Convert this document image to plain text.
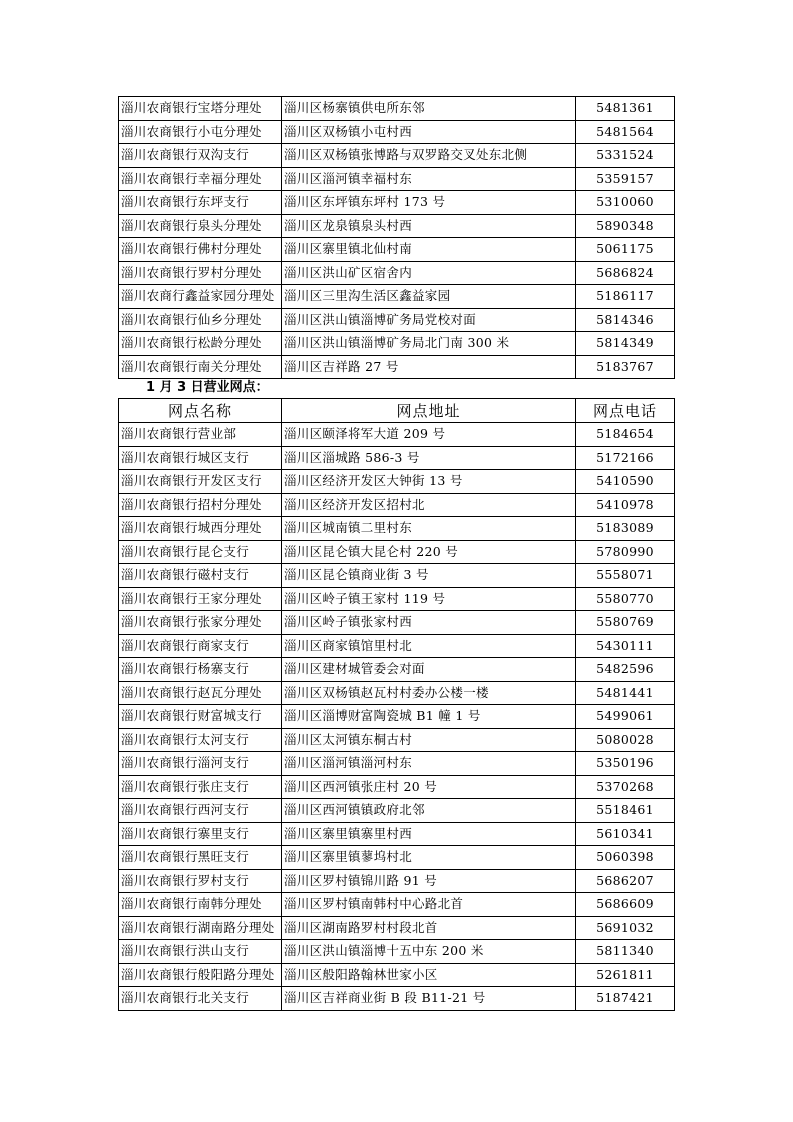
淄川农商银行宝塔分理处	淄川区杨寨镇供电所东邻	5481361
淄川农商银行小屯分理处	淄川区双杨镇小屯村西	5481564
淄川农商银行双沟支行	淄川区双杨镇张博路与双罗路交叉处东北侧	5331524
淄川农商银行幸福分理处	淄川区淄河镇幸福村东	5359157
淄川农商银行东坪支行	淄川区东坪镇东坪村 173 号	5310060
淄川农商银行泉头分理处	淄川区龙泉镇泉头村西	5890348
淄川农商银行佛村分理处	淄川区寨里镇北仙村南	5061175
淄川农商银行罗村分理处	淄川区洪山矿区宿舍内	5686824
淄川农商行鑫益家园分理处	淄川区三里沟生活区鑫益家园	5186117
淄川农商银行仙乡分理处	淄川区洪山镇淄博矿务局党校对面	5814346
淄川农商银行松龄分理处	淄川区洪山镇淄博矿务局北门南 300 米	5814349
淄川农商银行南关分理处	淄川区吉祥路 27 号	5183767
1 月 3 日营业网点：
网点名称	网点地址	网点电话
淄川农商银行营业部	淄川区颐泽将军大道 209 号	5184654
淄川农商银行城区支行	淄川区淄城路 586-3 号	5172166
淄川农商银行开发区支行	淄川区经济开发区大钟街 13 号	5410590
淄川农商银行招村分理处	淄川区经济开发区招村北	5410978
淄川农商银行城西分理处	淄川区城南镇二里村东	5183089
淄川农商银行昆仑支行	淄川区昆仑镇大昆仑村 220 号	5780990
淄川农商银行磁村支行	淄川区昆仑镇商业街 3 号	5558071
淄川农商银行王家分理处	淄川区岭子镇王家村 119 号	5580770
淄川农商银行张家分理处	淄川区岭子镇张家村西	5580769
淄川农商银行商家支行	淄川区商家镇馆里村北	5430111
淄川农商银行杨寨支行	淄川区建材城管委会对面	5482596
淄川农商银行赵瓦分理处	淄川区双杨镇赵瓦村村委办公楼一楼	5481441
淄川农商银行财富城支行	淄川区淄博财富陶瓷城 B1 幢 1 号	5499061
淄川农商银行太河支行	淄川区太河镇东桐古村	5080028
淄川农商银行淄河支行	淄川区淄河镇淄河村东	5350196
淄川农商银行张庄支行	淄川区西河镇张庄村 20 号	5370268
淄川农商银行西河支行	淄川区西河镇镇政府北邻	5518461
淄川农商银行寨里支行	淄川区寨里镇寨里村西	5610341
淄川农商银行黑旺支行	淄川区寨里镇蓼坞村北	5060398
淄川农商银行罗村支行	淄川区罗村镇锦川路 91 号	5686207
淄川农商银行南韩分理处	淄川区罗村镇南韩村中心路北首	5686609
淄川农商银行湖南路分理处	淄川区湖南路罗村村段北首	5691032
淄川农商银行洪山支行	淄川区洪山镇淄博十五中东 200 米	5811340
淄川农商银行般阳路分理处	淄川区般阳路翰林世家小区	5261811
淄川农商银行北关支行	淄川区吉祥商业街 B 段 B11-21 号	5187421
